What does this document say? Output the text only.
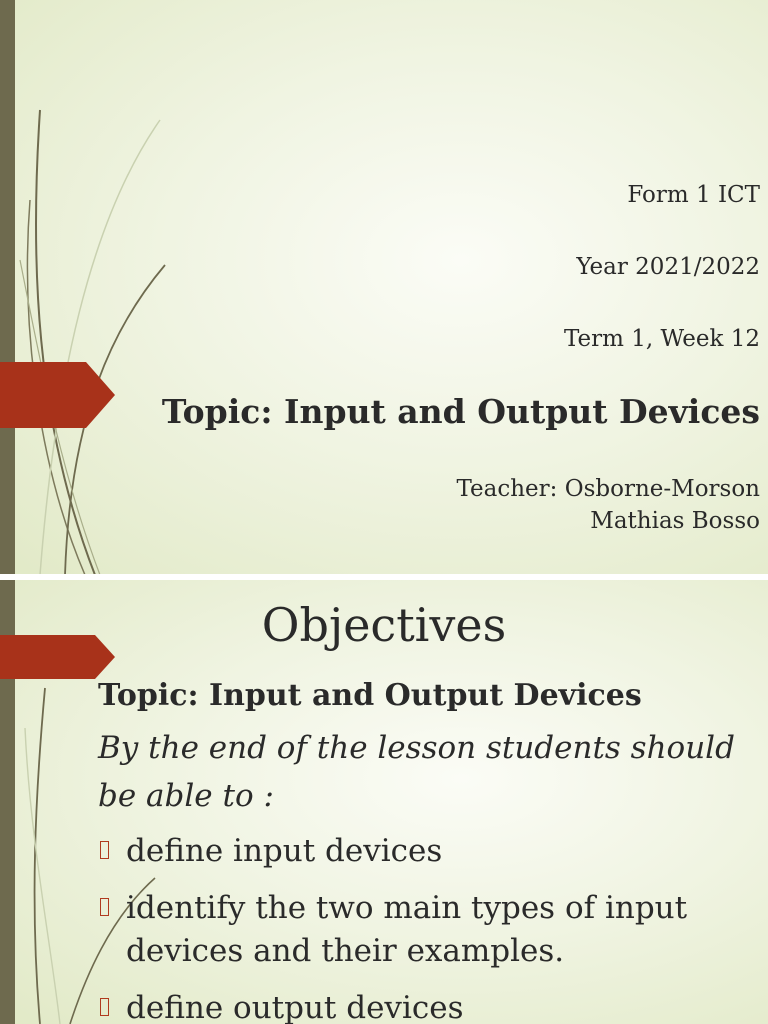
Form 1 ICT
Year 2021/2022
Term 1, Week 12
Topic: Input and Output Devices
Teacher: Osborne-Morson
Mathias Bosso
Objectives
Topic: Input and Output Devices
By the end of the lesson students should be able to :
define input devices
identify the two main types of input devices and their examples.
define output devices
